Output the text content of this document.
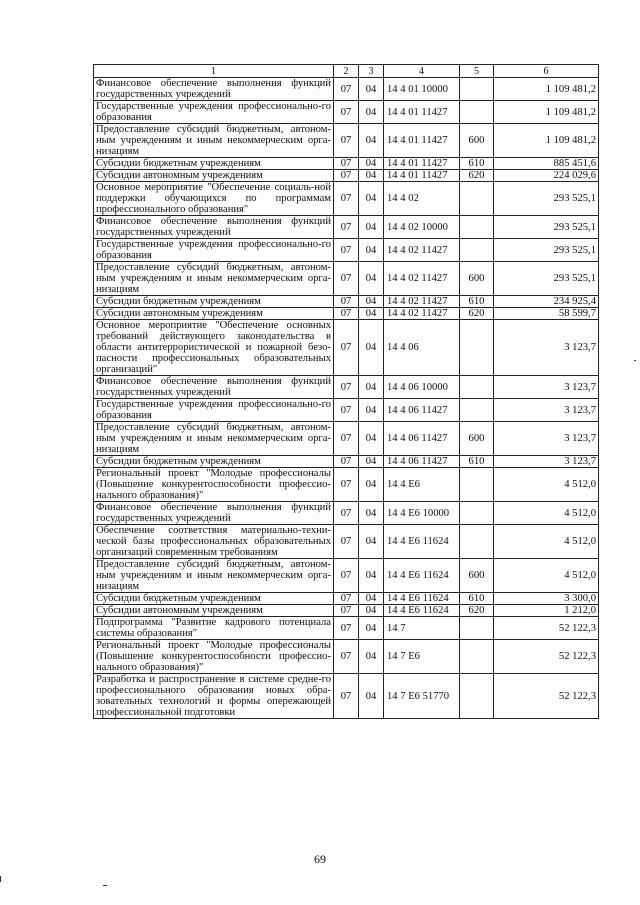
1	2	3	4	5	6
Финансовое обеспечение выполнения функций государственных учреждений	07	04	14 4 01 10000		1 109 481,2
Государственные учреждения профессионально-го образования	07	04	14 4 01 11427		1 109 481,2
Предоставление субсидий бюджетным, автоном-ным учреждениям и иным некоммерческим орга-низациям	07	04	14 4 01 11427	600	1 109 481,2
Субсидии бюджетным учреждениям	07	04	14 4 01 11427	610	885 451,6
Субсидии автономным учреждениям	07	04	14 4 01 11427	620	224 029,6
Основное мероприятие "Обеспечение социаль-ной поддержки обучающихся по программам профессионального образования"	07	04	14 4 02		293 525,1
Финансовое обеспечение выполнения функций государственных учреждений	07	04	14 4 02 10000		293 525,1
Государственные учреждения профессионально-го образования	07	04	14 4 02 11427		293 525,1
Предоставление субсидий бюджетным, автоном-ным учреждениям и иным некоммерческим орга-низациям	07	04	14 4 02 11427	600	293 525,1
Субсидии бюджетным учреждениям	07	04	14 4 02 11427	610	234 925,4
Субсидии автономным учреждениям	07	04	14 4 02 11427	620	58 599,7
Основное мероприятие "Обеспечение основных требований действующего законодательства в области антитеррористической и пожарной безо-пасности профессиональных образовательных организаций"	07	04	14 4 06		3 123,7
Финансовое обеспечение выполнения функций государственных учреждений	07	04	14 4 06 10000		3 123,7
Государственные учреждения профессионально-го образования	07	04	14 4 06 11427		3 123,7
Предоставление субсидий бюджетным, автоном-ным учреждениям и иным некоммерческим орга-низациям	07	04	14 4 06 11427	600	3 123,7
Субсидии бюджетным учреждениям	07	04	14 4 06 11427	610	3 123,7
Региональный проект "Молодые профессионалы (Повышение конкурентоспособности профессио-нального образования)"	07	04	14 4 E6		4 512,0
Финансовое обеспечение выполнения функций государственных учреждений	07	04	14 4 E6 10000		4 512,0
Обеспечение соответствия материально-техни-ческой базы профессиональных образовательных организаций современным требованиям	07	04	14 4 E6 11624		4 512,0
Предоставление субсидий бюджетным, автоном-ным учреждениям и иным некоммерческим орга-низациям	07	04	14 4 E6 11624	600	4 512,0
Субсидии бюджетным учреждениям	07	04	14 4 E6 11624	610	3 300,0
Субсидии автономным учреждениям	07	04	14 4 E6 11624	620	1 212,0
Подпрограмма "Развитие кадрового потенциала системы образования"	07	04	14 7		52 122,3
Региональный проект "Молодые профессионалы (Повышение конкурентоспособности профессио-нального образования)"	07	04	14 7 E6		52 122,3
Разработка и распространение в системе средне-го профессионального образования новых обра-зовательных технологий и формы опережающей профессиональной подготовки	07	04	14 7 E6 51770		52 122,3
69
